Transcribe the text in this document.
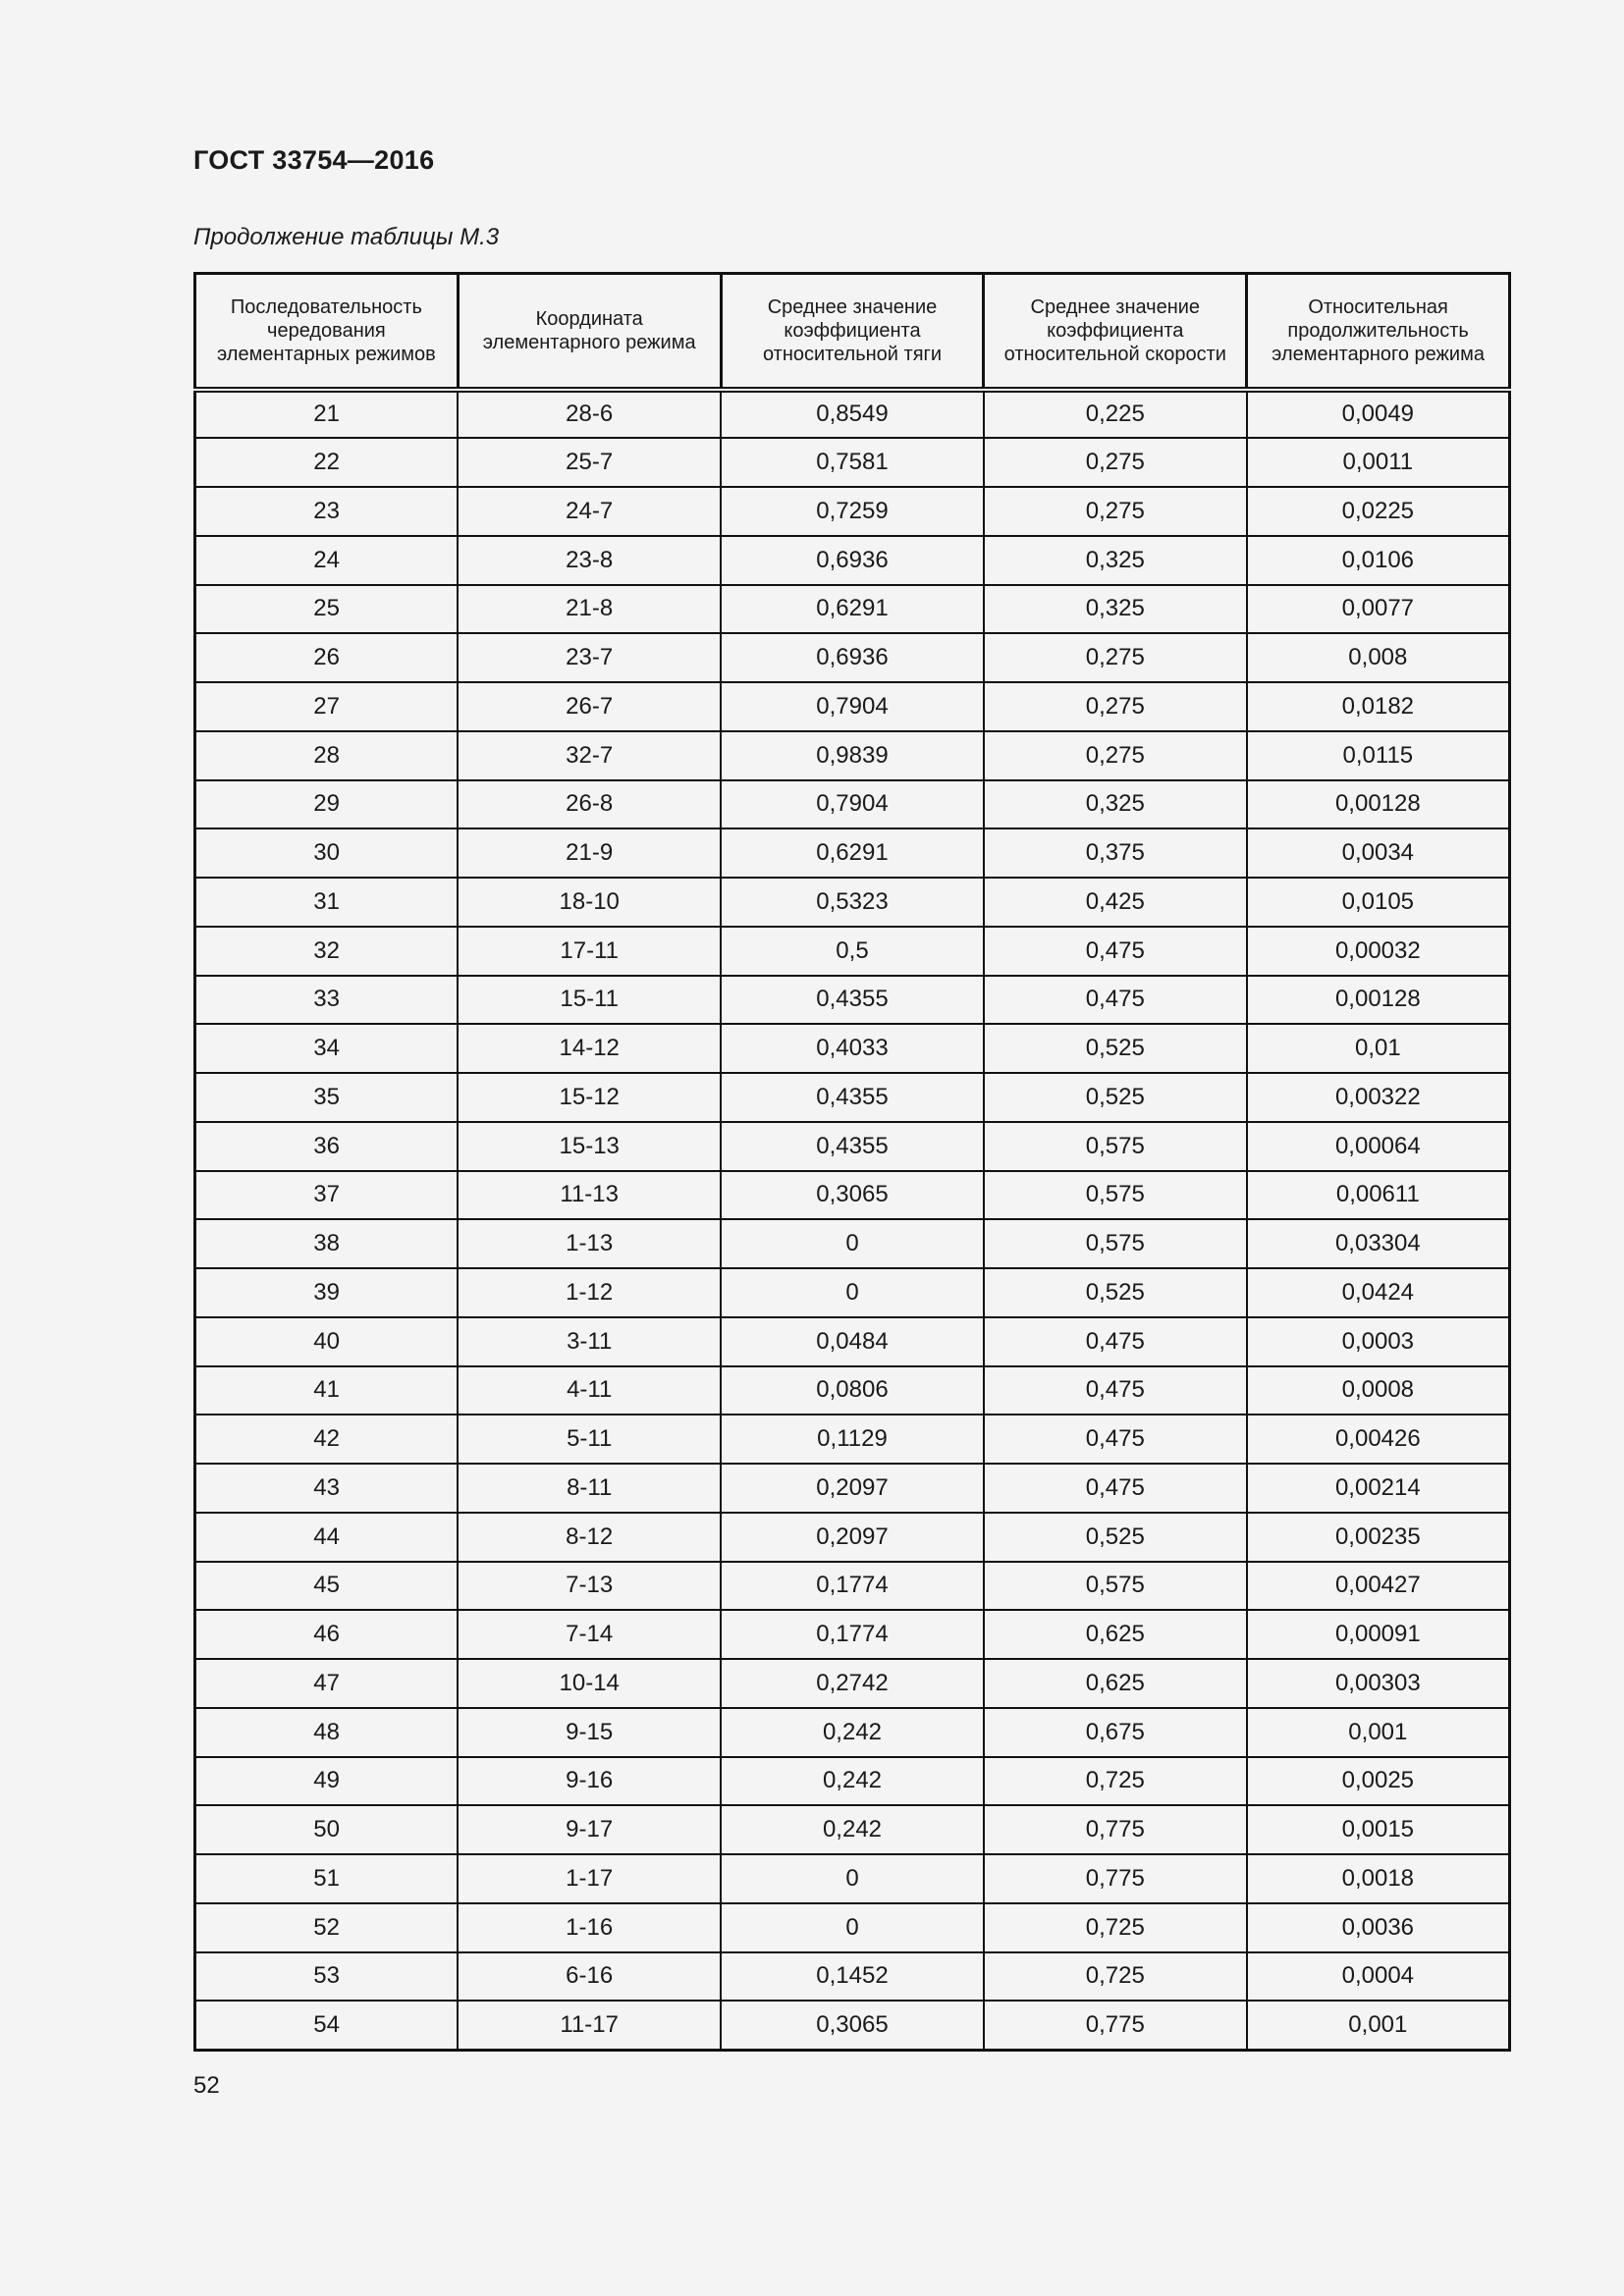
ГОСТ 33754—2016
Продолжение таблицы М.3
Последовательность чередования элементарных режимов	Координата элементарного режима	Среднее значение коэффициента относительной тяги	Среднее значение коэффициента относительной скорости	Относительная продолжительность элементарного режима
21	28-6	0,8549	0,225	0,0049
22	25-7	0,7581	0,275	0,0011
23	24-7	0,7259	0,275	0,0225
24	23-8	0,6936	0,325	0,0106
25	21-8	0,6291	0,325	0,0077
26	23-7	0,6936	0,275	0,008
27	26-7	0,7904	0,275	0,0182
28	32-7	0,9839	0,275	0,0115
29	26-8	0,7904	0,325	0,00128
30	21-9	0,6291	0,375	0,0034
31	18-10	0,5323	0,425	0,0105
32	17-11	0,5	0,475	0,00032
33	15-11	0,4355	0,475	0,00128
34	14-12	0,4033	0,525	0,01
35	15-12	0,4355	0,525	0,00322
36	15-13	0,4355	0,575	0,00064
37	11-13	0,3065	0,575	0,00611
38	1-13	0	0,575	0,03304
39	1-12	0	0,525	0,0424
40	3-11	0,0484	0,475	0,0003
41	4-11	0,0806	0,475	0,0008
42	5-11	0,1129	0,475	0,00426
43	8-11	0,2097	0,475	0,00214
44	8-12	0,2097	0,525	0,00235
45	7-13	0,1774	0,575	0,00427
46	7-14	0,1774	0,625	0,00091
47	10-14	0,2742	0,625	0,00303
48	9-15	0,242	0,675	0,001
49	9-16	0,242	0,725	0,0025
50	9-17	0,242	0,775	0,0015
51	1-17	0	0,775	0,0018
52	1-16	0	0,725	0,0036
53	6-16	0,1452	0,725	0,0004
54	11-17	0,3065	0,775	0,001
52
